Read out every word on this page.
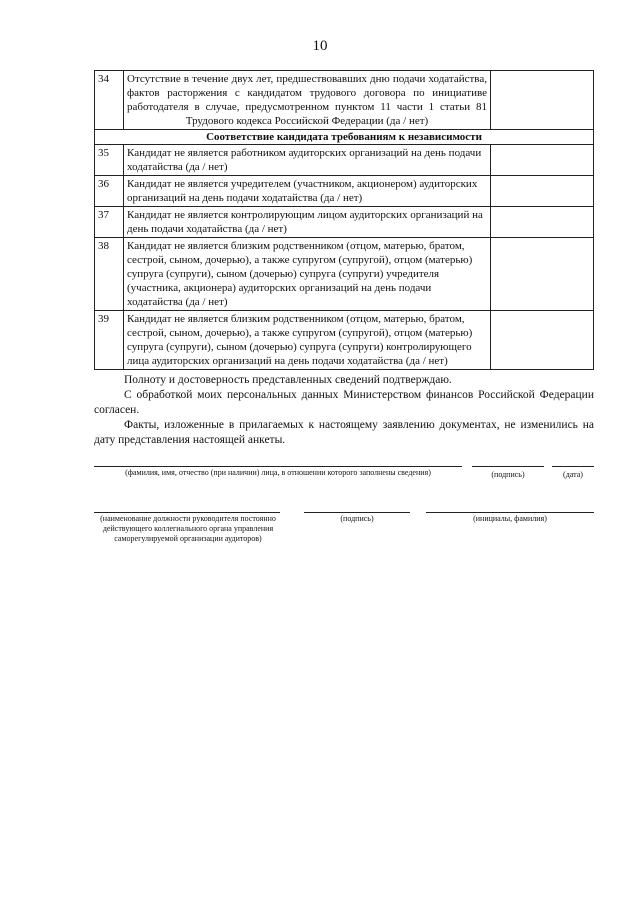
10
34	Отсутствие в течение двух лет, предшествовавших дню подачи ходатайства, фактов расторжения с кандидатом трудового договора по инициативе работодателя в случае, предусмотренном пунктом 11 части 1 статьи 81 Трудового кодекса Российской Федерации (да / нет)	
Соответствие кандидата требованиям к независимости		
35	Кандидат не является работником аудиторских организаций на день подачи ходатайства (да / нет)	
36	Кандидат не является учредителем (участником, акционером) аудиторских организаций на день подачи ходатайства (да / нет)	
37	Кандидат не является контролирующим лицом аудиторских организаций на день подачи ходатайства (да / нет)	
38	Кандидат не является близким родственником (отцом, матерью, братом, сестрой, сыном, дочерью), а также супругом (супругой), отцом (матерью) супруга (супруги), сыном (дочерью) супруга (супруги) учредителя (участника, акционера) аудиторских организаций на день подачи ходатайства (да / нет)	
39	Кандидат не является близким родственником (отцом, матерью, братом, сестрой, сыном, дочерью), а также супругом (супругой), отцом (матерью) супруга (супруги), сыном (дочерью) супруга (супруги) контролирующего лица аудиторских организаций на день подачи ходатайства (да / нет)	
Полноту и достоверность представленных сведений подтверждаю.
С обработкой моих персональных данных Министерством финансов Российской Федерации согласен.
Факты, изложенные в прилагаемых к настоящему заявлению документах, не изменились на дату представления настоящей анкеты.
(фамилия, имя, отчество (при наличии) лица, в отношении которого заполнены сведения)	(подпись)	(дата)
(наименование должности руководителя постоянно действующего коллегиального органа управления саморегулируемой организации аудиторов)
(подпись)	(инициалы, фамилия)
